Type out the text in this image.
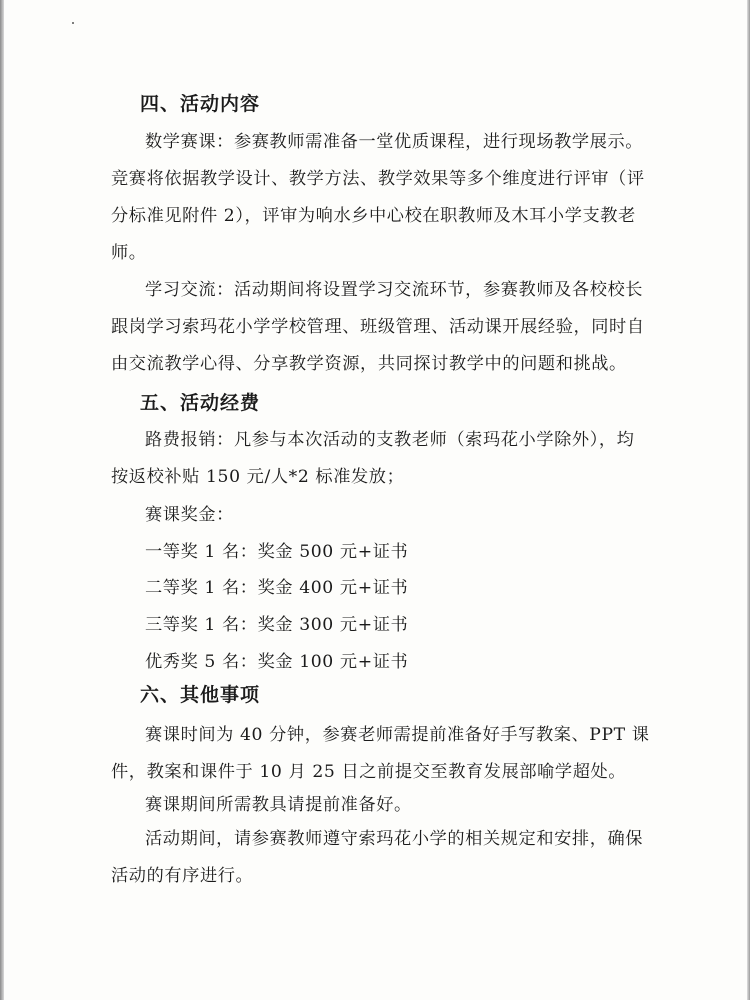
四、活动内容
数学赛课：参赛教师需准备一堂优质课程，进行现场教学展示。
竞赛将依据教学设计、教学方法、教学效果等多个维度进行评审（评
分标准见附件 2），评审为响水乡中心校在职教师及木耳小学支教老
师。
学习交流：活动期间将设置学习交流环节，参赛教师及各校校长
跟岗学习索玛花小学学校管理、班级管理、活动课开展经验，同时自
由交流教学心得、分享教学资源，共同探讨教学中的问题和挑战。
五、活动经费
路费报销：凡参与本次活动的支教老师（索玛花小学除外），均
按返校补贴 150 元/人*2 标准发放；
赛课奖金：
一等奖 1 名：奖金 500 元+证书
二等奖 1 名：奖金 400 元+证书
三等奖 1 名：奖金 300 元+证书
优秀奖 5 名：奖金 100 元+证书
六、其他事项
赛课时间为 40 分钟，参赛老师需提前准备好手写教案、PPT 课
件，教案和课件于 10 月 25 日之前提交至教育发展部喻学超处。
赛课期间所需教具请提前准备好。
活动期间，请参赛教师遵守索玛花小学的相关规定和安排，确保
活动的有序进行。
